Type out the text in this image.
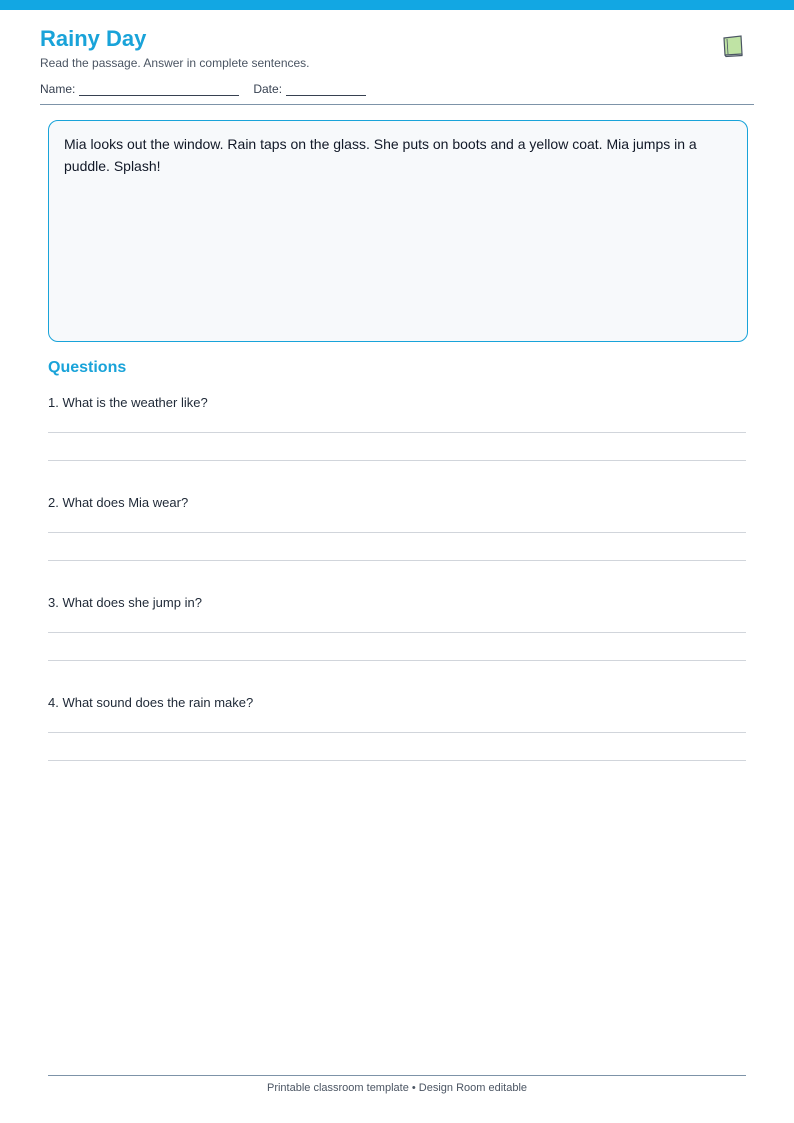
Rainy Day

Read the passage. Answer in complete sentences.

Name:	Date:

Mia looks out the window. Rain taps on the glass. She puts on boots and a yellow coat. Mia jumps in a puddle. Splash!

Questions
1. What is the weather like?
2. What does Mia wear?
3. What does she jump in?
4. What sound does the rain make?

Printable classroom template • Design Room editable
